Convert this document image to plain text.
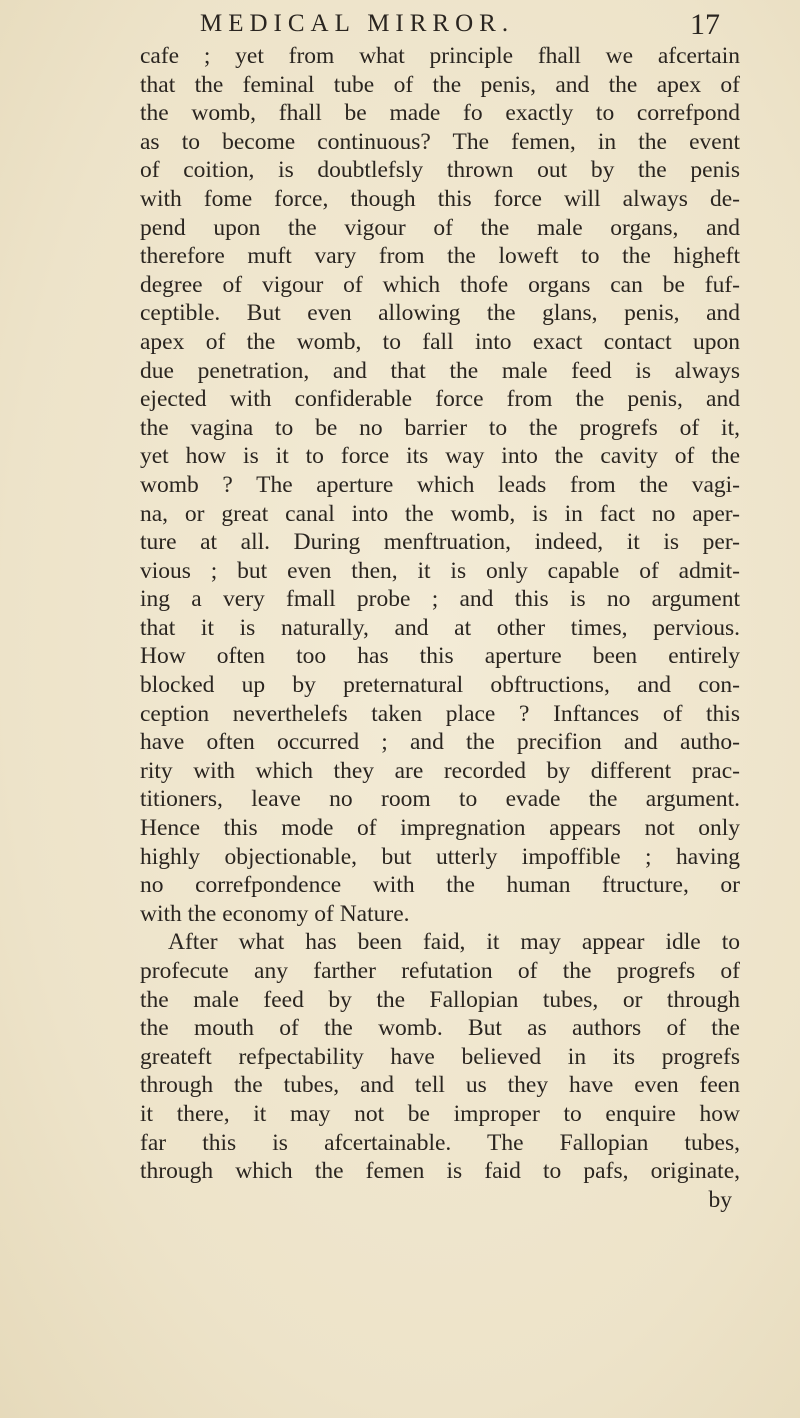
MEDICAL MIRROR.	17
cafe ; yet from what principle fhall we afcertain
that the feminal tube of the penis, and the apex of
the womb, fhall be made fo exactly to correfpond
as to become continuous? The femen, in the event
of coition, is doubtlefsly thrown out by the penis
with fome force, though this force will always de-
pend upon the vigour of the male organs, and
therefore muft vary from the loweft to the higheft
degree of vigour of which thofe organs can be fuf-
ceptible. But even allowing the glans, penis, and
apex of the womb, to fall into exact contact upon
due penetration, and that the male feed is always
ejected with confiderable force from the penis, and
the vagina to be no barrier to the progrefs of it,
yet how is it to force its way into the cavity of the
womb ? The aperture which leads from the vagi-
na, or great canal into the womb, is in fact no aper-
ture at all. During menftruation, indeed, it is per-
vious ; but even then, it is only capable of admit-
ing a very fmall probe ; and this is no argument
that it is naturally, and at other times, pervious.
How often too has this aperture been entirely
blocked up by preternatural obftructions, and con-
ception neverthelefs taken place ? Inftances of this
have often occurred ; and the precifion and autho-
rity with which they are recorded by different prac-
titioners, leave no room to evade the argument.
Hence this mode of impregnation appears not only
highly objectionable, but utterly impoffible ; having
no correfpondence with the human ftructure, or
with the economy of Nature.
After what has been faid, it may appear idle to
profecute any farther refutation of the progrefs of
the male feed by the Fallopian tubes, or through
the mouth of the womb. But as authors of the
greateft refpectability have believed in its progrefs
through the tubes, and tell us they have even feen
it there, it may not be improper to enquire how
far this is afcertainable. The Fallopian tubes,
through which the femen is faid to pafs, originate,
by
